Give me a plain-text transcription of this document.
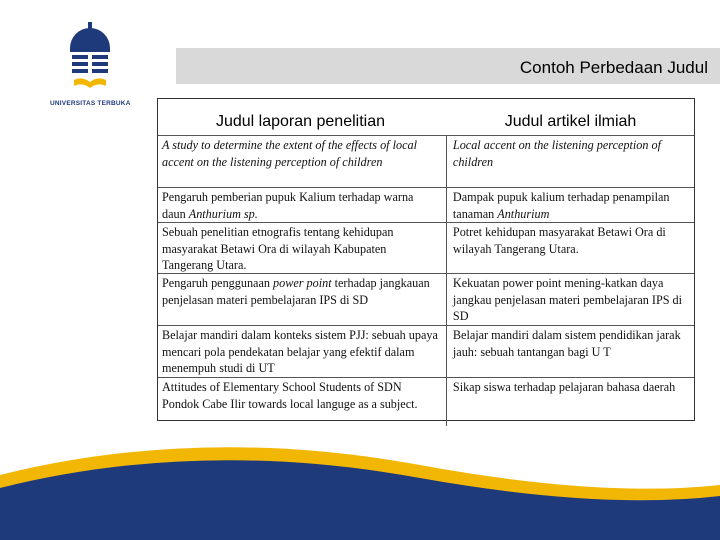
UNIVERSITAS TERBUKA
Contoh Perbedaan Judul
Judul laporan penelitian	Judul artikel ilmiah
A study to determine the extent of the effects of local accent on the listening perception of children
Local accent on the listening perception of children
Pengaruh pemberian pupuk Kalium terhadap warna daun Anthurium sp.
Dampak pupuk kalium terhadap penampilan tanaman Anthurium
Sebuah penelitian etnografis tentang kehidupan masyarakat Betawi Ora di wilayah Kabupaten Tangerang Utara.
Potret kehidupan masyarakat Betawi Ora di wilayah Tangerang Utara.
Pengaruh penggunaan power point terhadap jangkauan penjelasan materi pembelajaran IPS di SD
Kekuatan power point mening-katkan daya jangkau penjelasan materi pembelajaran IPS di SD
Belajar mandiri dalam konteks sistem PJJ: sebuah upaya mencari pola pendekatan belajar yang efektif dalam menempuh studi di UT
Belajar mandiri dalam sistem pendidikan jarak jauh: sebuah tantangan bagi U T
Attitudes of Elementary School Students of SDN Pondok Cabe Ilir towards local languge as a subject.
Sikap siswa terhadap pelajaran bahasa daerah
